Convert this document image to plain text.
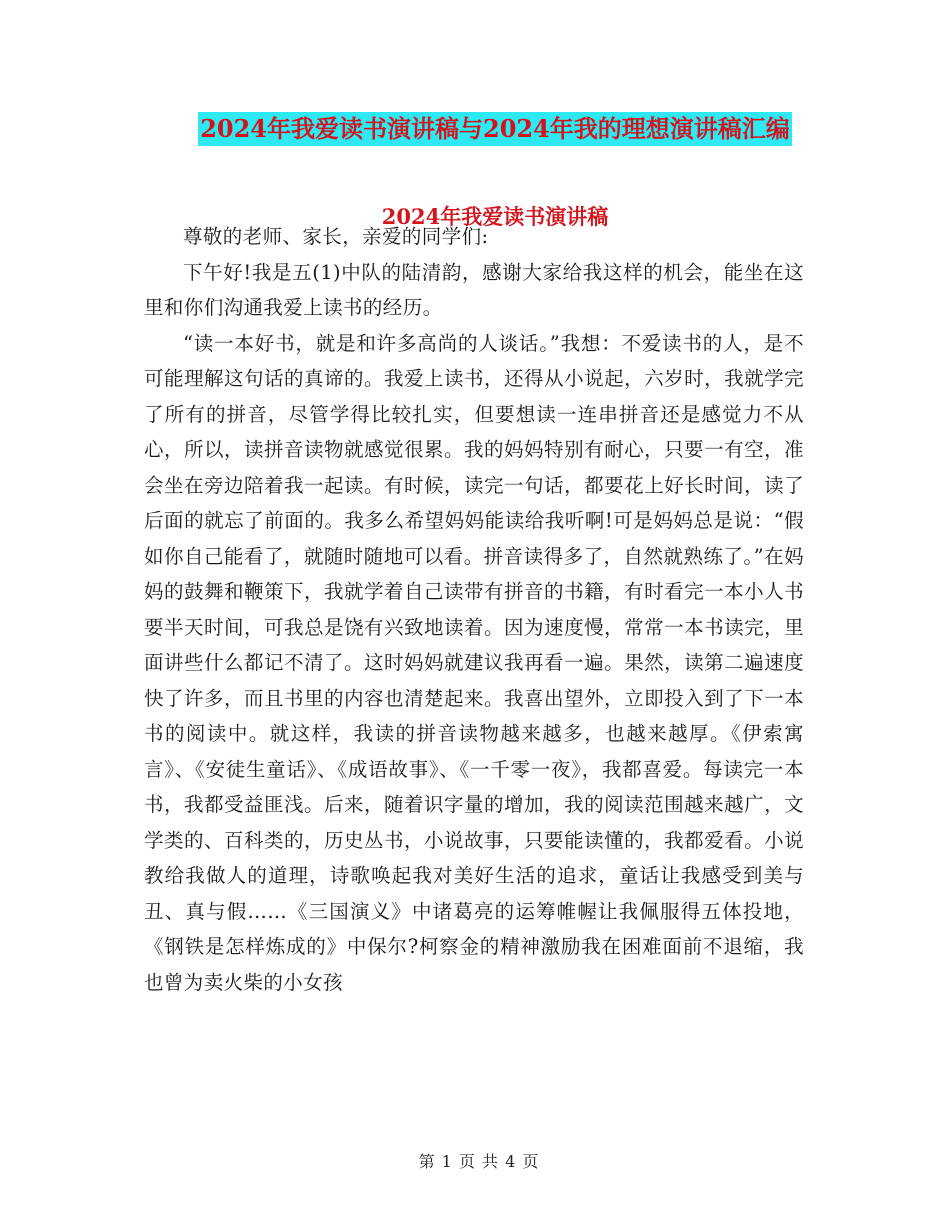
2024年我爱读书演讲稿与2024年我的理想演讲稿汇编
2024年我爱读书演讲稿

尊敬的老师、家长，亲爱的同学们:

下午好!我是五(1)中队的陆清韵，感谢大家给我这样的机会，能坐在这里和你们沟通我爱上读书的经历。

“读一本好书，就是和许多高尚的人谈话。”我想：不爱读书的人，是不可能理解这句话的真谛的。我爱上读书，还得从小说起，六岁时，我就学完了所有的拼音，尽管学得比较扎实，但要想读一连串拼音还是感觉力不从心，所以，读拼音读物就感觉很累。我的妈妈特别有耐心，只要一有空，准会坐在旁边陪着我一起读。有时候，读完一句话，都要花上好长时间，读了后面的就忘了前面的。我多么希望妈妈能读给我听啊!可是妈妈总是说：“假如你自己能看了，就随时随地可以看。拼音读得多了，自然就熟练了。”在妈妈的鼓舞和鞭策下，我就学着自己读带有拼音的书籍，有时看完一本小人书要半天时间，可我总是饶有兴致地读着。因为速度慢，常常一本书读完，里面讲些什么都记不清了。这时妈妈就建议我再看一遍。果然，读第二遍速度快了许多，而且书里的内容也清楚起来。我喜出望外，立即投入到了下一本书的阅读中。就这样，我读的拼音读物越来越多，也越来越厚。《伊索寓言》、《安徒生童话》、《成语故事》、《一千零一夜》，我都喜爱。每读完一本书，我都受益匪浅。后来，随着识字量的增加，我的阅读范围越来越广，文学类的、百科类的，历史丛书，小说故事，只要能读懂的，我都爱看。小说教给我做人的道理，诗歌唤起我对美好生活的追求，童话让我感受到美与丑、真与假……《三国演义》中诸葛亮的运筹帷幄让我佩服得五体投地，《钢铁是怎样炼成的》中保尔?柯察金的精神激励我在困难面前不退缩，我也曾为卖火柴的小女孩

第 1 页 共 4 页
